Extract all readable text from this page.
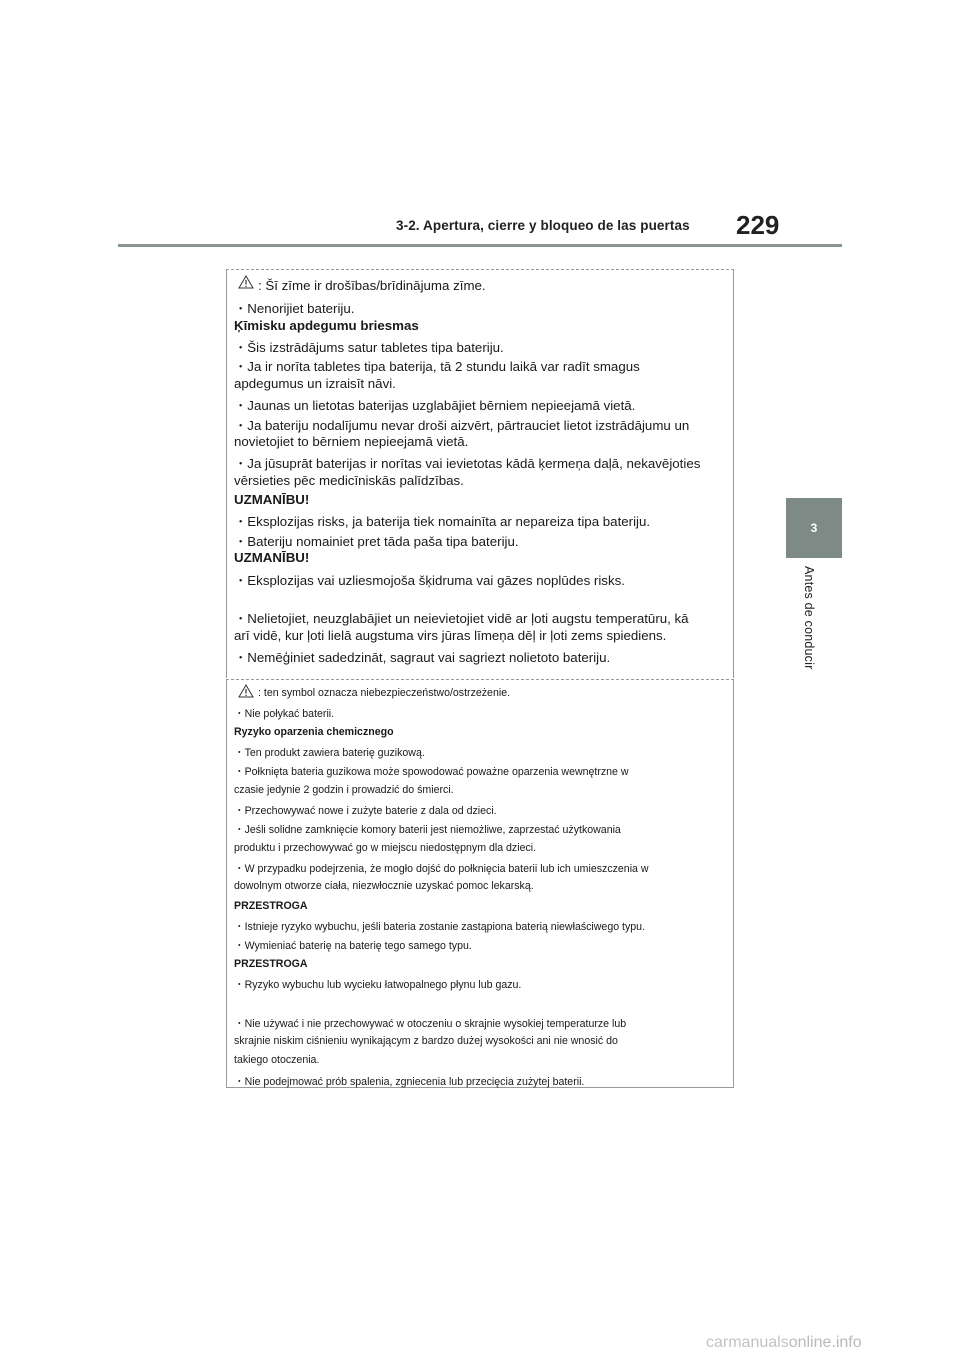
3-2. Apertura, cierre y bloqueo de las puertas 229
3
Antes de conducir
: Šī zīme ir drošības/brīdinājuma zīme.
・Nenorijiet bateriju.
Ķīmisku apdegumu briesmas
・Šis izstrādājums satur tabletes tipa bateriju.
・Ja ir norīta tabletes tipa baterija, tā 2 stundu laikā var radīt smagus
apdegumus un izraisīt nāvi.
・Jaunas un lietotas baterijas uzglabājiet bērniem nepieejamā vietā.
・Ja bateriju nodalījumu nevar droši aizvērt, pārtrauciet lietot izstrādājumu un
novietojiet to bērniem nepieejamā vietā.
・Ja jūsuprāt baterijas ir norītas vai ievietotas kādā ķermeņa daļā, nekavējoties
vērsieties pēc medicīniskās palīdzības.
UZMANĪBU!
・Eksplozijas risks, ja baterija tiek nomainīta ar nepareiza tipa bateriju.
・Bateriju nomainiet pret tāda paša tipa bateriju.
UZMANĪBU!
・Eksplozijas vai uzliesmojoša šķidruma vai gāzes noplūdes risks.
・Nelietojiet, neuzglabājiet un neievietojiet vidē ar ļoti augstu temperatūru, kā
arī vidē, kur ļoti lielā augstuma virs jūras līmeņa dēļ ir ļoti zems spiediens.
・Nemēģiniet sadedzināt, sagraut vai sagriezt nolietoto bateriju.
: ten symbol oznacza niebezpieczeństwo/ostrzeżenie.
・Nie połykać baterii.
Ryzyko oparzenia chemicznego
・Ten produkt zawiera baterię guzikową.
・Połknięta bateria guzikowa może spowodować poważne oparzenia wewnętrzne w
czasie jedynie 2 godzin i prowadzić do śmierci.
・Przechowywać nowe i zużyte baterie z dala od dzieci.
・Jeśli solidne zamknięcie komory baterii jest niemożliwe, zaprzestać użytkowania
produktu i przechowywać go w miejscu niedostępnym dla dzieci.
・W przypadku podejrzenia, że mogło dojść do połknięcia baterii lub ich umieszczenia w
dowolnym otworze ciała, niezwłocznie uzyskać pomoc lekarską.
PRZESTROGA
・Istnieje ryzyko wybuchu, jeśli bateria zostanie zastąpiona baterią niewłaściwego typu.
・Wymieniać baterię na baterię tego samego typu.
PRZESTROGA
・Ryzyko wybuchu lub wycieku łatwopalnego płynu lub gazu.
・Nie używać i nie przechowywać w otoczeniu o skrajnie wysokiej temperaturze lub
skrajnie niskim ciśnieniu wynikającym z bardzo dużej wysokości ani nie wnosić do
takiego otoczenia.
・Nie podejmować prób spalenia, zgniecenia lub przecięcia zużytej baterii.
carmanualsonline.info
